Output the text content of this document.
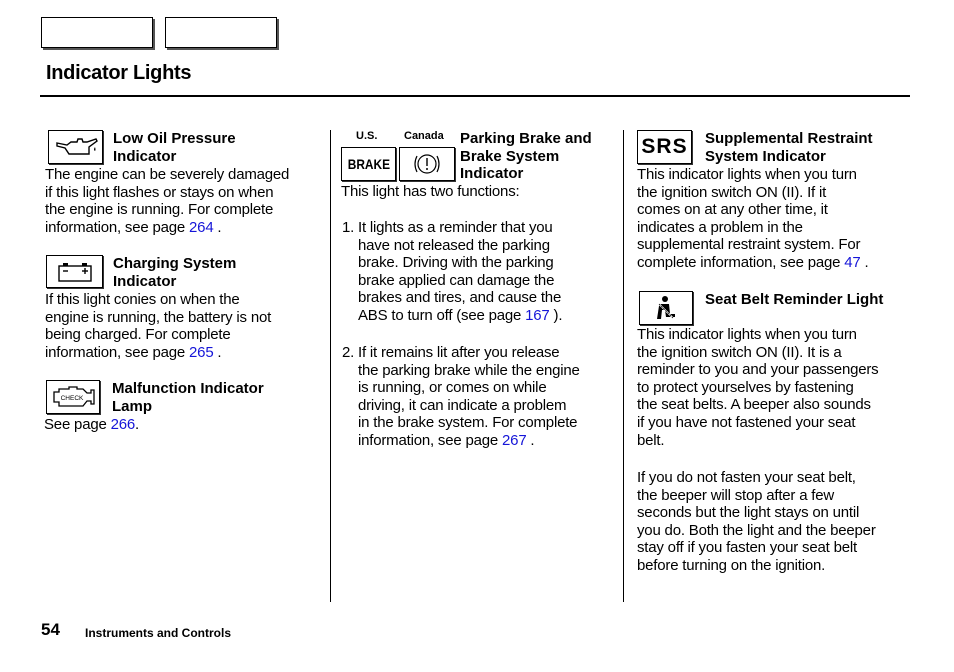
Indicator Lights
Low Oil Pressure
Indicator
The engine can be severely damaged
if this light flashes or stays on when
the engine is running. For complete
information, see page 264 .
Charging System
Indicator
If this light conies on when the
engine is running, the battery is not
being charged. For complete
information, see page 265 .
CHECK
Malfunction Indicator
Lamp
See page 266.
U.S. Canada
BRAKE
Parking Brake and
Brake System
Indicator
This light has two functions:
1. It lights as a reminder that you
have not released the parking
brake. Driving with the parking
brake applied can damage the
brakes and tires, and cause the
ABS to turn off (see page 167 ).
2. If it remains lit after you release
the parking brake while the engine
is running, or comes on while
driving, it can indicate a problem
in the brake system. For complete
information, see page 267 .
SRS Supplemental Restraint
System Indicator
This indicator lights when you turn
the ignition switch ON (II). If it
comes on at any other time, it
indicates a problem in the
supplemental restraint system. For
complete information, see page 47 .
Seat Belt Reminder Light
This indicator lights when you turn
the ignition switch ON (II). It is a
reminder to you and your passengers
to protect yourselves by fastening
the seat belts. A beeper also sounds
if you have not fastened your seat
belt.
If you do not fasten your seat belt,
the beeper will stop after a few
seconds but the light stays on until
you do. Both the light and the beeper
stay off if you fasten your seat belt
before turning on the ignition.
54 Instruments and Controls
